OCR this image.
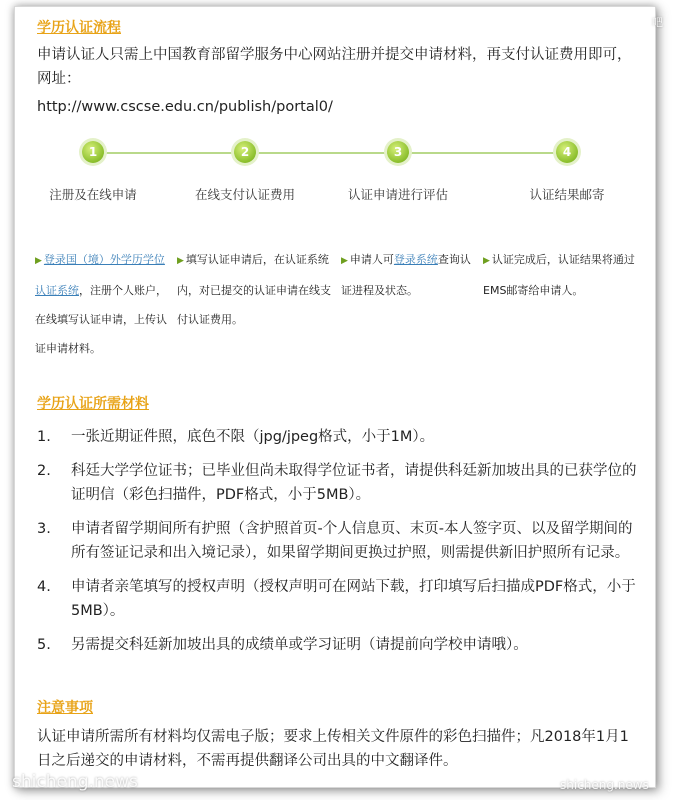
学历认证流程
申请认证人只需上中国教育部留学服务中心网站注册并提交申请材料，再支付认证费用即可，网址：
http://www.cscse.edu.cn/publish/portal0/
1	2	3	4
注册及在线申请	在线支付认证费用	认证申请进行评估	认证结果邮寄
▶ 登录国（境）外学历学位
认证系统，注册个人账户，
在线填写认证申请，上传认
证申请材料。
▶ 填写认证申请后，在认证系统
内，对已提交的认证申请在线支
付认证费用。
▶ 申请人可登录系统查询认
证进程及状态。
▶ 认证完成后，认证结果将通过
EMS邮寄给申请人。
学历认证所需材料
1.	一张近期证件照，底色不限（jpg/jpeg格式，小于1M）。
2.	科廷大学学位证书；已毕业但尚未取得学位证书者，请提供科廷新加坡出具的已获学位的证明信（彩色扫描件，PDF格式，小于5MB）。
3.	申请者留学期间所有护照（含护照首页-个人信息页、末页-本人签字页、以及留学期间的所有签证记录和出入境记录），如果留学期间更换过护照，则需提供新旧护照所有记录。
4.	申请者亲笔填写的授权声明（授权声明可在网站下载，打印填写后扫描成PDF格式，小于5MB）。
5.	另需提交科廷新加坡出具的成绩单或学习证明（请提前向学校申请哦）。
注意事项
认证申请所需所有材料均仅需电子版；要求上传相关文件原件的彩色扫描件；凡2018年1月1日之后递交的申请材料，不需再提供翻译公司出具的中文翻译件。
shicheng.news	shicheng.news
吧
